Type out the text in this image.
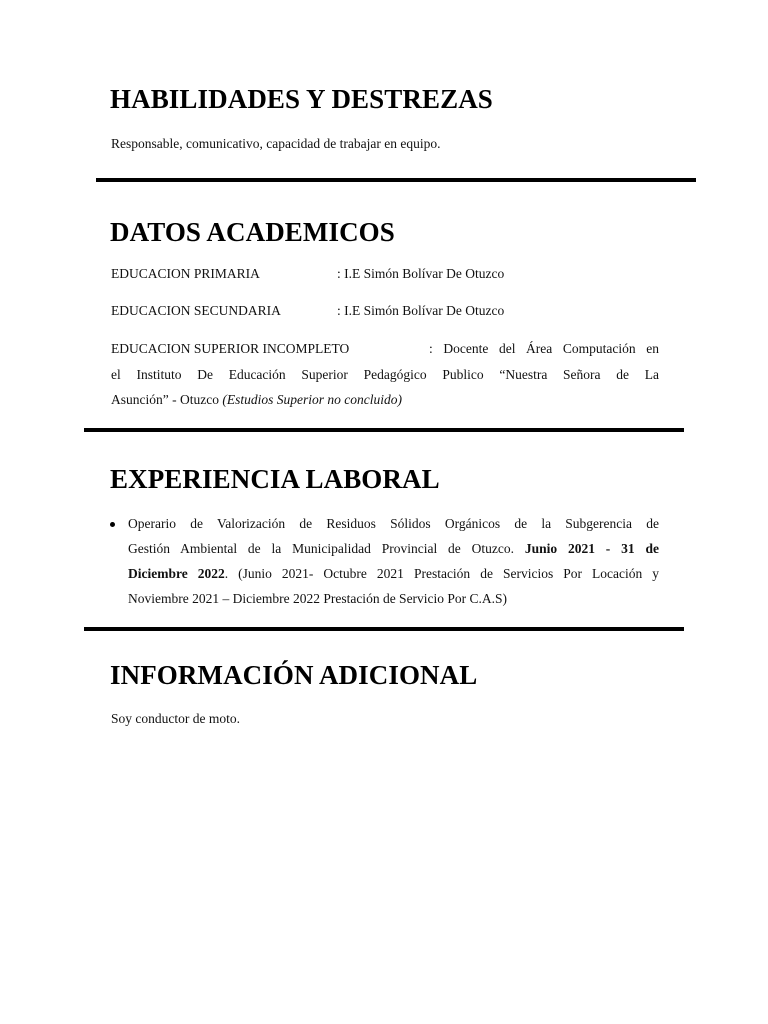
HABILIDADES Y DESTREZAS

Responsable, comunicativo, capacidad de trabajar en equipo.

DATOS ACADEMICOS
EDUCACION PRIMARIA	: I.E Simón Bolívar De Otuzco
EDUCACION SECUNDARIA	: I.E Simón Bolívar De Otuzco
EDUCACION SUPERIOR INCOMPLETO	: Docente del Área Computación en
el Instituto De Educación Superior Pedagógico Publico “Nuestra Señora de La
Asunción” - Otuzco (Estudios Superior no concluido)
EXPERIENCIA LABORAL
Operario de Valorización de Residuos Sólidos Orgánicos de la Subgerencia de
Gestión Ambiental de la Municipalidad Provincial de Otuzco. Junio 2021 - 31 de
Diciembre 2022. (Junio 2021- Octubre 2021 Prestación de Servicios Por Locación y
Noviembre 2021 – Diciembre 2022 Prestación de Servicio Por C.A.S)
INFORMACIÓN ADICIONAL

Soy conductor de moto.
